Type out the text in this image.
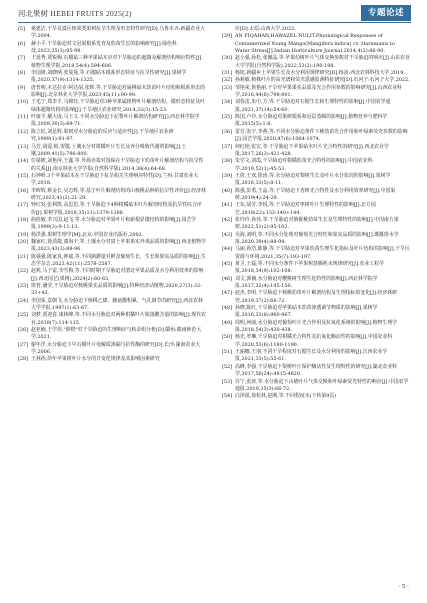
河北果树 HEBEI FRUITS 2025(2)	专题论述

[5] 桑建洁,干旱荒漠区核果类果树抗旱生理及形态特性研究[D].乌鲁木齐:新疆农业大学,2004.

[6] 赫小平.干旱胁迫对文冠果根系发育及幼苗生长的影响研究[J].绿色科技,2023,25(3):95-98.

[7] 王延秀,贾锐梅.石榴砧三种苹果砧木应对干旱胁迫的超微及解剖结构响应特性[J].植物生理学报,2018,54(4):594-606.

[8] 李国锋,刘晓纳,张曼曼,等.石榴砧木根系形态特征与抗旱性研究[J].果树学报,2020,37(9):1314-1325.

[9] 唐普明,木达拉克·阿达胡,张辉,等.干旱胁迫对扁桃砧木幼苗叶片结构和根系形态的影响[J].北京林业大学学报,2023,45(11):90-99.

[10] 王毛宁,郑李平,马锦钰,干旱胁迫对3种苹果属植物叶片解剖结构、微形态特征及叶绿体超微结构的影响[J].干旱地区农业研究,2014,32(3):15-23.

[11] 叶康平,戴大成,马玉文.不同水分胁迫下泥梨叶片解剖结构研究[J].西北林学院学报,2009,30(3):69-71.

[12] 陈立松,刘星辉.果树对水分胁迫的反应与适应性[J].干旱地区农业研究,1999(1):91-97.

[13] 马芳,胡爱,韩,贺敬.土壤水分对柑橘叶片生长及养分吸收代谢的影响[J].土壤,2009,41(5):796-800.

[14] 任婧媛,刘艳萍,王鑫,等.外源赤霉对湿保在干旱胁迫下幼苗叶片解剖结构与抗旱性的关系[J].南京林业大学学报(自然科学版),2014,38(4):64-68.

[15] 石钟岭.3个苹果砧木在干旱胁迫下抗旱相关生理响应特性[D].兰州:甘肃农业大学,2018.

[16] 李晖辉,蔡金长,吴志辉,等.基于叶片解剖结构的山核桃品种的抗旱性评价[J].经济林研究,2023,41(2):21-29.

[17] 钟红发,张利凯,高思思,等.干旱胁迫下4种柑橘砧木叶片解剖结构及抗旱性综合评价[J].果树学报,2018,35(11):1379-1388.

[18] 曲桂敏,李兴国,赵飞,等.水分胁迫对苹果叶片和新根显微结构的影响[J].园艺学报,1999(3):9-11-13.

[19] 杨洪强.果树生理学[M].北京:中国农业出版社,2002.

[20] 魏家红,徐劲捷,漆海丰,等.土壤水分对富士苹果果实外观品质的影响[J].西北植物学报,2023,43(3):88-96.

[21] 陈强强,陈家真,钟斌,等.不同滴灌量对鲜食葡萄生长、生长和果实品质的影响[J].生态学杂志,2023,42(11):2578-2587.

[22] 赵莉,马子雷,李雪梅,等.不同时期干旱胁迫对渭北苹果品质及水分利用效率的影响[J].西北园艺(果树),2024(2):60-63.

[23] 徐普,潘莹,干旱胁迫对核桃果实品质的影响[J].特种经济动植物,2020,27(3):32-33+43.

[24] 李国荣,景朝飞,水分胁迫下核桃乙烯、脯氨酸积累、气孔调节的研究[J].西北农林大学学报,1997(1):63-67.

[25] 刘梦,贾迎春,康林峰,等.不同水分胁迫对两种柑橘叶片脱落酸含量的影响[J].现代农业,2018(7):114-115.

[26] 赵亚楠,王学伟,"脐橙"对干旱胁迫的生理响应与转录组分析[D].赣州:赣南师范大学,2021.

[27] 谢年洋,水分胁迫下早石榴叶片电解质渗漏与抗性酶的研究[D].长沙:湖南农业大学,2006.

[28] 王林孙,幼年苹果树叶片水分的日变化规律及其影响因素研究

应[D].太原:山西大学,2022.

[29] AN FIQAHAN,HAWAZEL NULIT.Physiological Responses of Containerized Young Mango(Mangifera indica) cv. Harumanis to Water Stress[J].Indian Horticulture Journal,2014,4(2):86-90.

[30] 赵小强,孙松,张佩晶,等.苹果幼树叶片气体交换参数对干旱胁迫的响应[J].山东农业大学学报(自然科学版),2022,53(2):190-198.

[31] 杨旭.新疆乡土苹果生长及水分利用规律研究[D].杨凌:西北农林科技大学,2019.

[32] 孙莉敏.植株叶片的高光谱和荧光遥感监测特征研究[D].石河子:石河子大学,2022.

[33] 邹艳荣,鲁艳丽,干旱对苹果果实品质及光合作用参数的影响研究[J].山西农业科学,2016,44(6):798-801.

[34] 刘春雷,朱中,方,等.干旱胁迫对石榴生长和生理特性的影响[J].中国农学通报,2021,37(14):54-60.

[35] 陈国,卢玲,水分胁迫对果树根系和冠层蒸腾的影响[J].植物营养与肥料学报,2015(5):1-8.

[36] 雷芳,张宇,李燕,等.不同水分胁迫条件下桃幼苗光合作用和叶绿素荧光参数的影响[J].园艺学报,2020,47(6):1064-1074.

[37] 何红艳,张宏,等.干旱胁迫下苹果砧木叶片光合特性的研究[J].西北农业学报,2017,26(3):421-428.

[38] 朱学文,刘霞,干旱胁迫对柑橘幼苗光合特性的影响[J].中国农业科学,2019,52(1):45-53.

[39] 王倩,王欢,徐涛,等.水分胁迫对梨树生长及叶片水分状况的影响[J].果树学报,2016,33(5):8-11.

[40] 陈强,彭勇,王晶,等.干旱胁迫下杏树光合特性及水分利用效率研究[J].中国果树,2019(4):24-29.

[41] 王东,胡芳,李悦,等.干旱胁迫对枣树叶片生理特性的影响[J].北方园艺,2018(22):133-140+144.

[42] 张玲玲,孙伟,等.干旱胁迫对猕猴桃幼苗生长及生理特性的影响[J].中国南方果树,2022,51(2):95-102.

[43] 吴海,刘明,等.不同水分处理对葡萄光合特性和果实品质的影响[J].灌溉排水学报,2020,39(4):88-94.

[44] 马丽,孙浩,陈静,等.干旱胁迫对苹果幼苗生理生化指标及叶片结构的影响[J].干旱区资源与环境,2021,35(7):193-197.

[45] 黄卫,王磊,等.不同水分条件下苹果树蒸腾耗水规律研究[J].农业工程学报,2018,34(9):102-108.

[46] 刘文,郭楠,水分胁迫对樱桃树生理生化特性的影响[J].西北林学院学报,2017,32(4):145-150.

[47] 赵杰,李明,干旱胁迫下核桃幼苗叶片解剖结构及生理指标的变化[J].经济林研究,2019,37(2):66-72.

[48] 孙晓,陈红,干旱胁迫对苹果砧木幼苗渗透调节物质的影响[J].果树学报,2016,33(8):960-967.

[49] 周明,何丽,水分胁迫对葡萄叶片光合作用及抗氧化系统的影响[J].植物生理学报,2018,54(3):430-438.

[50] 杨光,罗琳,干旱胁迫对柑橘光合特性及抗氧化酶活性的影响[J].中国农业科学,2020,53(6):1180-1190.

[51] 王丽娜,王朋,不同干旱程度对石榴生长及水分利用的影响[J].江西农业学报,2021,33(5):55-61.

[52] 高峰,李强,干旱胁迫下梨树叶片保护酶活性及生理特性的研究[J].湖北农业科学,2017,56(24):4815-4820.

[53] 许宁,张涛,等.水分胁迫下山楂叶片气体交换和叶绿素荧光特性的响应[J].中国农学通报,2019,35(3):66-72.

[54] 白泽福,徐松林,赵刚,等.不同程度水(下转第9页)

· 5 ·
